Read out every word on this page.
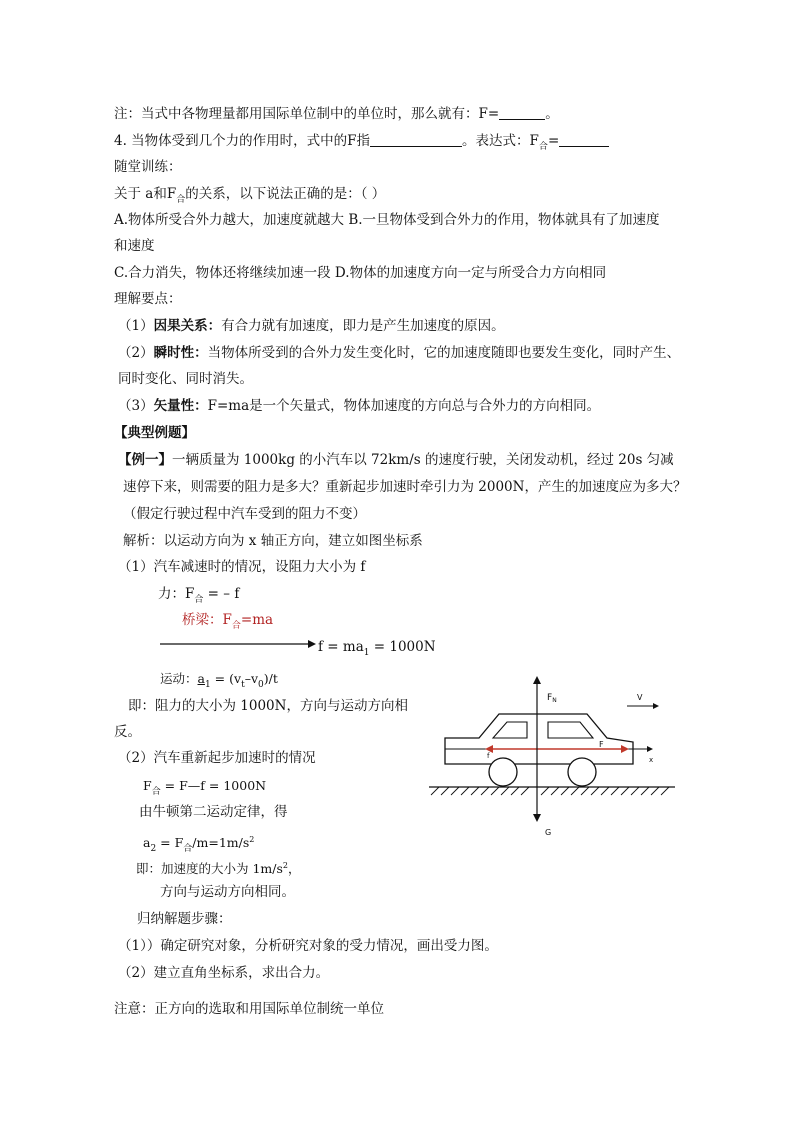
注：当式中各物理量都用国际单位制中的单位时，那么就有：F=	。
4. 当物体受到几个力的作用时，式中的F指	。表达式：$F_合=$
随堂训练：
关于 a和$F_合$的关系，以下说法正确的是：（ ）
A.物体所受合外力越大，加速度就越大 B.一旦物体受到合外力的作用，物体就具有了加速度
和速度
C.合力消失，物体还将继续加速一段 D.物体的加速度方向一定与所受合力方向相同
理解要点：
（1）因果关系：有合力就有加速度，即力是产生加速度的原因。
（2）瞬时性：当物体所受到的合外力发生变化时，它的加速度随即也要发生变化，同时产生、
同时变化、同时消失。
（3）矢量性：F=ma是一个矢量式，物体加速度的方向总与合外力的方向相同。
【典型例题】
【例一】一辆质量为 1000kg 的小汽车以 72km/s 的速度行驶，关闭发动机，经过 20s 匀减
速停下来，则需要的阻力是多大？重新起步加速时牵引力为 2000N，产生的加速度应为多大？
（假定行驶过程中汽车受到的阻力不变）
解析：以运动方向为 x 轴正方向，建立如图坐标系
（1）汽车减速时的情况，设阻力大小为 f
力：$F_合$ = – f
桥梁：$F_合=ma$
$f = ma_1 = 1000N$
运动：$a_1 = (v_t-v_0)/t$
即：阻力的大小为 1000N，方向与运动方向相
反。
（2）汽车重新起步加速时的情况
$F_合$ = F—f = 1000N
由牛顿第二运动定律，得
$a_2 = F_合/m=1m/s^2$
即：加速度的大小为 $1m/s^2$，
方向与运动方向相同。
归纳解题步骤：
（1））确定研究对象，分析研究对象的受力情况，画出受力图。
（2）建立直角坐标系，求出合力。
注意：正方向的选取和用国际单位制统一单位
$F_N$	V
f
F
x
G
